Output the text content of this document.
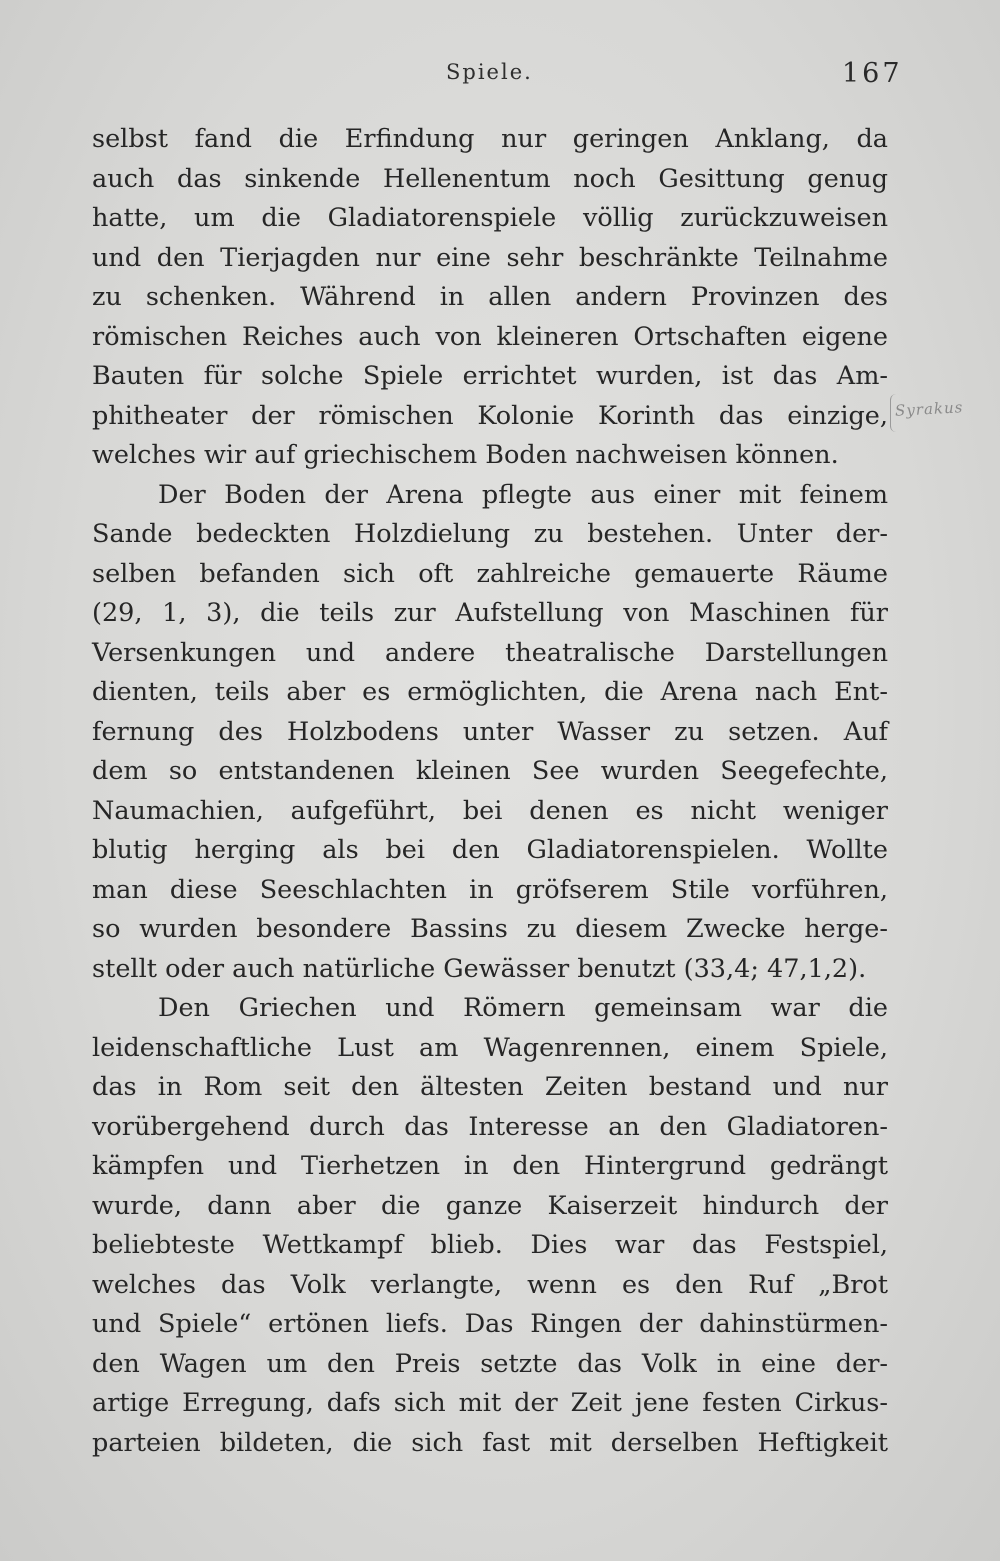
Spiele.	167
Syrakus
selbst fand die Erfindung nur geringen Anklang, da
auch das sinkende Hellenentum noch Gesittung genug
hatte, um die Gladiatorenspiele völlig zurückzuweisen
und den Tierjagden nur eine sehr beschränkte Teilnahme
zu schenken. Während in allen andern Provinzen des
römischen Reiches auch von kleineren Ortschaften eigene
Bauten für solche Spiele errichtet wurden, ist das Am-
phitheater der römischen Kolonie Korinth das einzige,
welches wir auf griechischem Boden nachweisen können.
Der Boden der Arena pflegte aus einer mit feinem
Sande bedeckten Holzdielung zu bestehen. Unter der-
selben befanden sich oft zahlreiche gemauerte Räume
(29, 1, 3), die teils zur Aufstellung von Maschinen für
Versenkungen und andere theatralische Darstellungen
dienten, teils aber es ermöglichten, die Arena nach Ent-
fernung des Holzbodens unter Wasser zu setzen. Auf
dem so entstandenen kleinen See wurden Seegefechte,
Naumachien, aufgeführt, bei denen es nicht weniger
blutig herging als bei den Gladiatorenspielen. Wollte
man diese Seeschlachten in gröfserem Stile vorführen,
so wurden besondere Bassins zu diesem Zwecke herge-
stellt oder auch natürliche Gewässer benutzt (33,4; 47,1,2).
Den Griechen und Römern gemeinsam war die
leidenschaftliche Lust am Wagenrennen, einem Spiele,
das in Rom seit den ältesten Zeiten bestand und nur
vorübergehend durch das Interesse an den Gladiatoren-
kämpfen und Tierhetzen in den Hintergrund gedrängt
wurde, dann aber die ganze Kaiserzeit hindurch der
beliebteste Wettkampf blieb. Dies war das Festspiel,
welches das Volk verlangte, wenn es den Ruf „Brot
und Spiele“ ertönen liefs. Das Ringen der dahinstürmen-
den Wagen um den Preis setzte das Volk in eine der-
artige Erregung, dafs sich mit der Zeit jene festen Cirkus-
parteien bildeten, die sich fast mit derselben Heftigkeit
